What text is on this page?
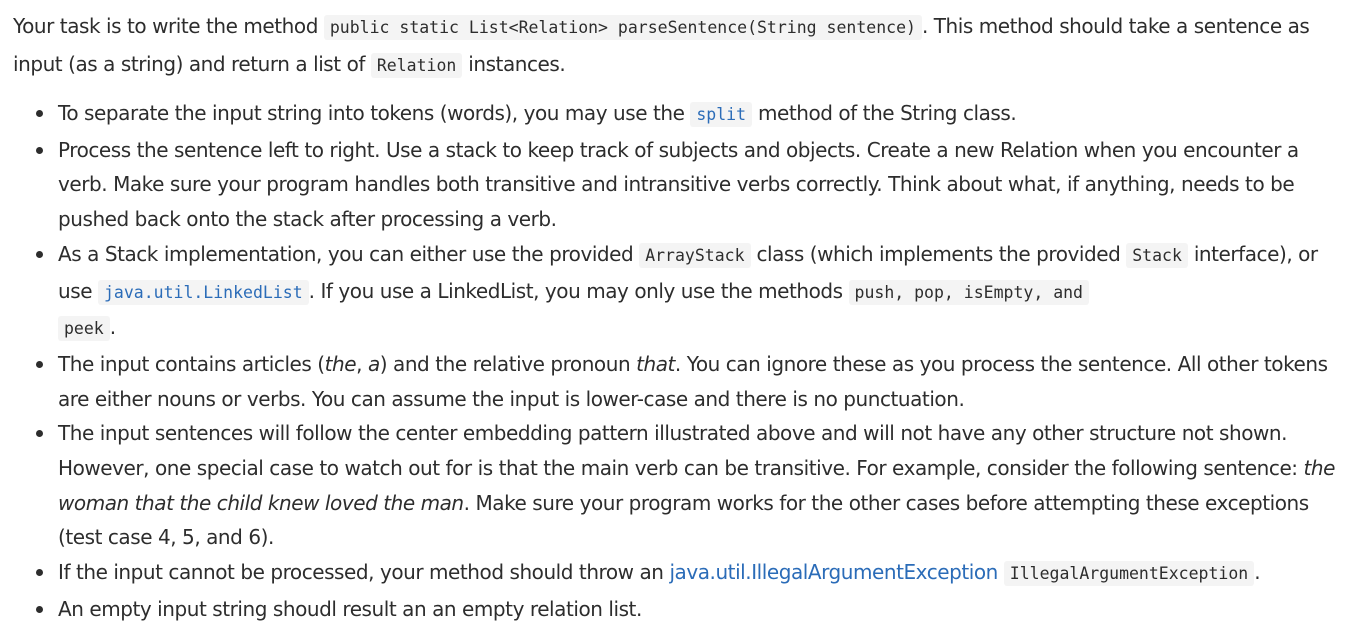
Your task is to write the method public static List<Relation> parseSentence(String sentence) . This method should take a sentence as input (as a string) and return a list of Relation instances.

To separate the input string into tokens (words), you may use the split method of the String class.
Process the sentence left to right. Use a stack to keep track of subjects and objects. Create a new Relation when you encounter a verb. Make sure your program handles both transitive and intransitive verbs correctly. Think about what, if anything, needs to be pushed back onto the stack after processing a verb.
As a Stack implementation, you can either use the provided ArrayStack class (which implements the provided Stack interface), or use java.util.LinkedList . If you use a LinkedList, you may only use the methods push, pop, isEmpty, and
peek .
The input contains articles (the, a) and the relative pronoun that. You can ignore these as you process the sentence. All other tokens are either nouns or verbs. You can assume the input is lower-case and there is no punctuation.
The input sentences will follow the center embedding pattern illustrated above and will not have any other structure not shown. However, one special case to watch out for is that the main verb can be transitive. For example, consider the following sentence: the woman that the child knew loved the man. Make sure your program works for the other cases before attempting these exceptions (test case 4, 5, and 6).
If the input cannot be processed, your method should throw an java.util.IllegalArgumentException IllegalArgumentException .
An empty input string shoudl result an an empty relation list.
